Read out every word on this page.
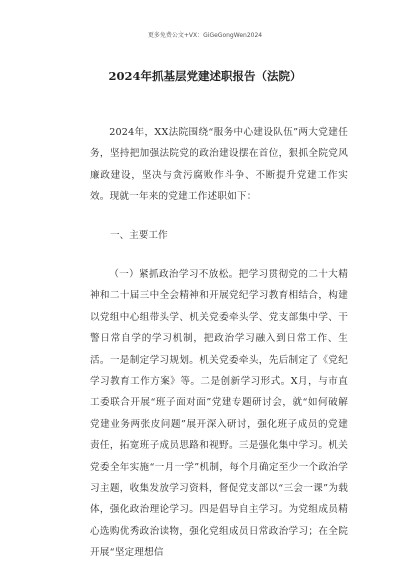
更多免费公文+VX：GiGeGongWen2024
2024年抓基层党建述职报告（法院）

2024年，XX法院围绕“服务中心建设队伍”两大党建任务，坚持把加强法院党的政治建设摆在首位，狠抓全院党风廉政建设，坚决与贪污腐败作斗争、不断提升党建工作实效。现就一年来的党建工作述职如下：

一、主要工作

（一）紧抓政治学习不放松。把学习贯彻党的二十大精神和二十届三中全会精神和开展党纪学习教育相结合，构建以党组中心组带头学、机关党委牵头学、党支部集中学、干警日常自学的学习机制，把政治学习融入到日常工作、生活。一是制定学习规划。机关党委牵头，先后制定了《党纪学习教育工作方案》等。二是创新学习形式。X月，与市直工委联合开展“班子面对面”党建专题研讨会，就“如何破解党建业务两张皮问题”展开深入研讨，强化班子成员的党建责任，拓宽班子成员思路和视野。三是强化集中学习。机关党委全年实施“一月一学”机制，每个月确定至少一个政治学习主题，收集发放学习资料，督促党支部以“三会一课”为载体，强化政治理论学习。四是倡导自主学习。为党组成员精心选购优秀政治读物，强化党组成员日常政治学习；在全院开展“坚定理想信
